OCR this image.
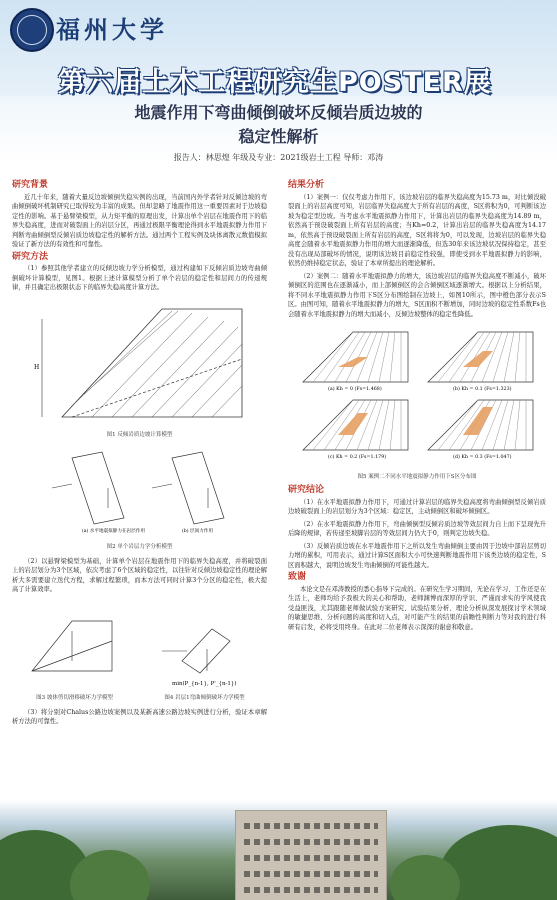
福州大学
第六届土木工程研究生POSTER展
地震作用下弯曲倾倒破坏反倾岩质边坡的
稳定性解析
报告人：林思煌 年级及专业：2021级岩土工程 导师：邓涛
研究背景

近几十年来，随着大量反边坡倾倒失稳实例的出现，当前国内外学者针对反倾边坡的弯曲倾倒破坏机制研究已取得较为丰富的成果。但却忽略了地震作用这一重要因素对于边坡稳定性的影响。基于悬臂梁模型，从力矩平衡的原理出发，计算出单个岩层在地震作用下的临界失稳高度，进而对破裂面上的岩层分区，再通过极限平衡理论得到水平地震拟静力作用下判断弯曲倾倒型反倾岩质边坡稳定性的解析方法。通过两个工程实例及块体离散元数值模拟验证了新方法的有效性和可靠性。

研究方法

（1）参照其他学者建立的反倾边坡力学分析模型，通过构建如下反倾岩质边坡弯曲倾倒破坏计算模型，见图1。根据上述计算模型分析了单个岩层的稳定性和层间力的传递规律，并且确定出极限状态下的临界失稳高度计算方法。

H
图1 反倾岩质边坡计算模型
(a) 水平地震拟静力在岩层作用	(b) 层间力作用
图2 单个岩层力学分析模型

（2）以悬臂梁模型为基础，计算单个岩层在地震作用下的临界失稳高度，并将破裂面上的岩层划分为3个区域，依次考虑了6个区域的稳定性，以往针对反倾边坡稳定性的理论解析大多需要建立迭代方程，求解过程繁琐，而本方法可同时计算3个分区的稳定性，极大提高了计算效率。

min(P_{n-1}, P'_{n-1})
图3 坡体剪切滑移破坏力学模型	图4 岩层1弯曲倾倒破坏力学模型

（3）将分别对Chalus公路边坡案例以及某新高速公路边坡实例进行分析，验证本章解析方法的可靠性。

结果分析

（1）案例一：仅仅考虑力作用下，该边坡岩层的临界失稳高度为15.73 m，对比倾没破裂面上的岩层高度可知，岩层临界失稳高度大于所有岩层的高度，S区将积为0，可判断该边坡为稳定型边坡。当考虑水平地震拟静力作用下，计算出岩层的临界失稳高度为14.89 m，依然高于预设破裂面上所有岩层的高度；当Kh=0.2，计算出岩层的临界失稳高度为14.17 m，依然高于预设破裂面上所有岩层的高度，S区将将为0，可以发现，边坡岩层的临界失稳高度会随着水平地震拟静力作用的增大而逐渐降低，但选30年来该边坡状况保持稳定，甚至没有出现局部破坏的情况，说明该边坡目前稳定性较强，即使受到水平地震拟静力的影响，依然仍维持稳定状态，验证了本章所提出的理论解析。

（2）案例二：随着水平地震拟静力的增大，该边坡岩层的临界失稳高度不断减小，破坏倾倒区的范围也在逐渐减小，而上部倾倒区的会合倾倒区域逐渐增大。根据以上分析结果，将不同水平地震拟静力作用下S区分布图绘制在边坡上，如图10所示，图中橙色部分表示S区。由图可知，随着水平地震拟静力的增大，S区面积不断增加，同时边坡的稳定性系数Fs也会随着水平地震拟静力的增大而减小，反倾边坡整体的稳定性降低。

(a) Kh = 0 (Fs=1.468)	(b) Kh = 0.1 (Fs=1.323)
(c) Kh = 0.2 (Fs=1.179)	(d) Kh = 0.3 (Fs=1.047)
图5 案例二不同水平地震拟静力作用下S区分布图
研究结论

（1）在水平地震拟静力作用下，可通过计算岩层的临界失稳高度将弯曲倾倒型反倾岩质边坡破裂面上的岩层划分为3个区域：稳定区，主动倾倒区和破坏倾倒区。

（2）在水平地震拟静力作用下，弯曲倾倒型反倾岩质边坡等效层间力自上而下呈现先升后降的规律，若传递至坡脚岩层的等效层间力仍大于0，则判定边坡失稳。

（3）反倾岩质边坡在水平地震作用下之所以发生弯曲倾倒主要由因于边坡中部岩层剪切力增的累积，可用表示，通过计算S区面积大小可快速判断地震作用下该类边坡的稳定性，S区面积越大，说明边坡发生弯曲倾倒的可能性越大。

致谢

本论文是在邓涛教授的悉心指导下完成的。在研究生学习期间，无论在学习、工作还是在生活上，老师均给予我极大的关心和帮助，老师渊博而深厚的学识、严谨而求实的学风使我受益匪浅，尤其跟随老师做试验方案研究、试验结果分析、理论分析纵深发展探讨学术领域的敏捷思维、分析问题的高度和切入点，对可能产生的结果的前瞻性判断力等对我的进行科研有启发，必将受用终身。在此对二位老师表示深深的谢意和敬意。
